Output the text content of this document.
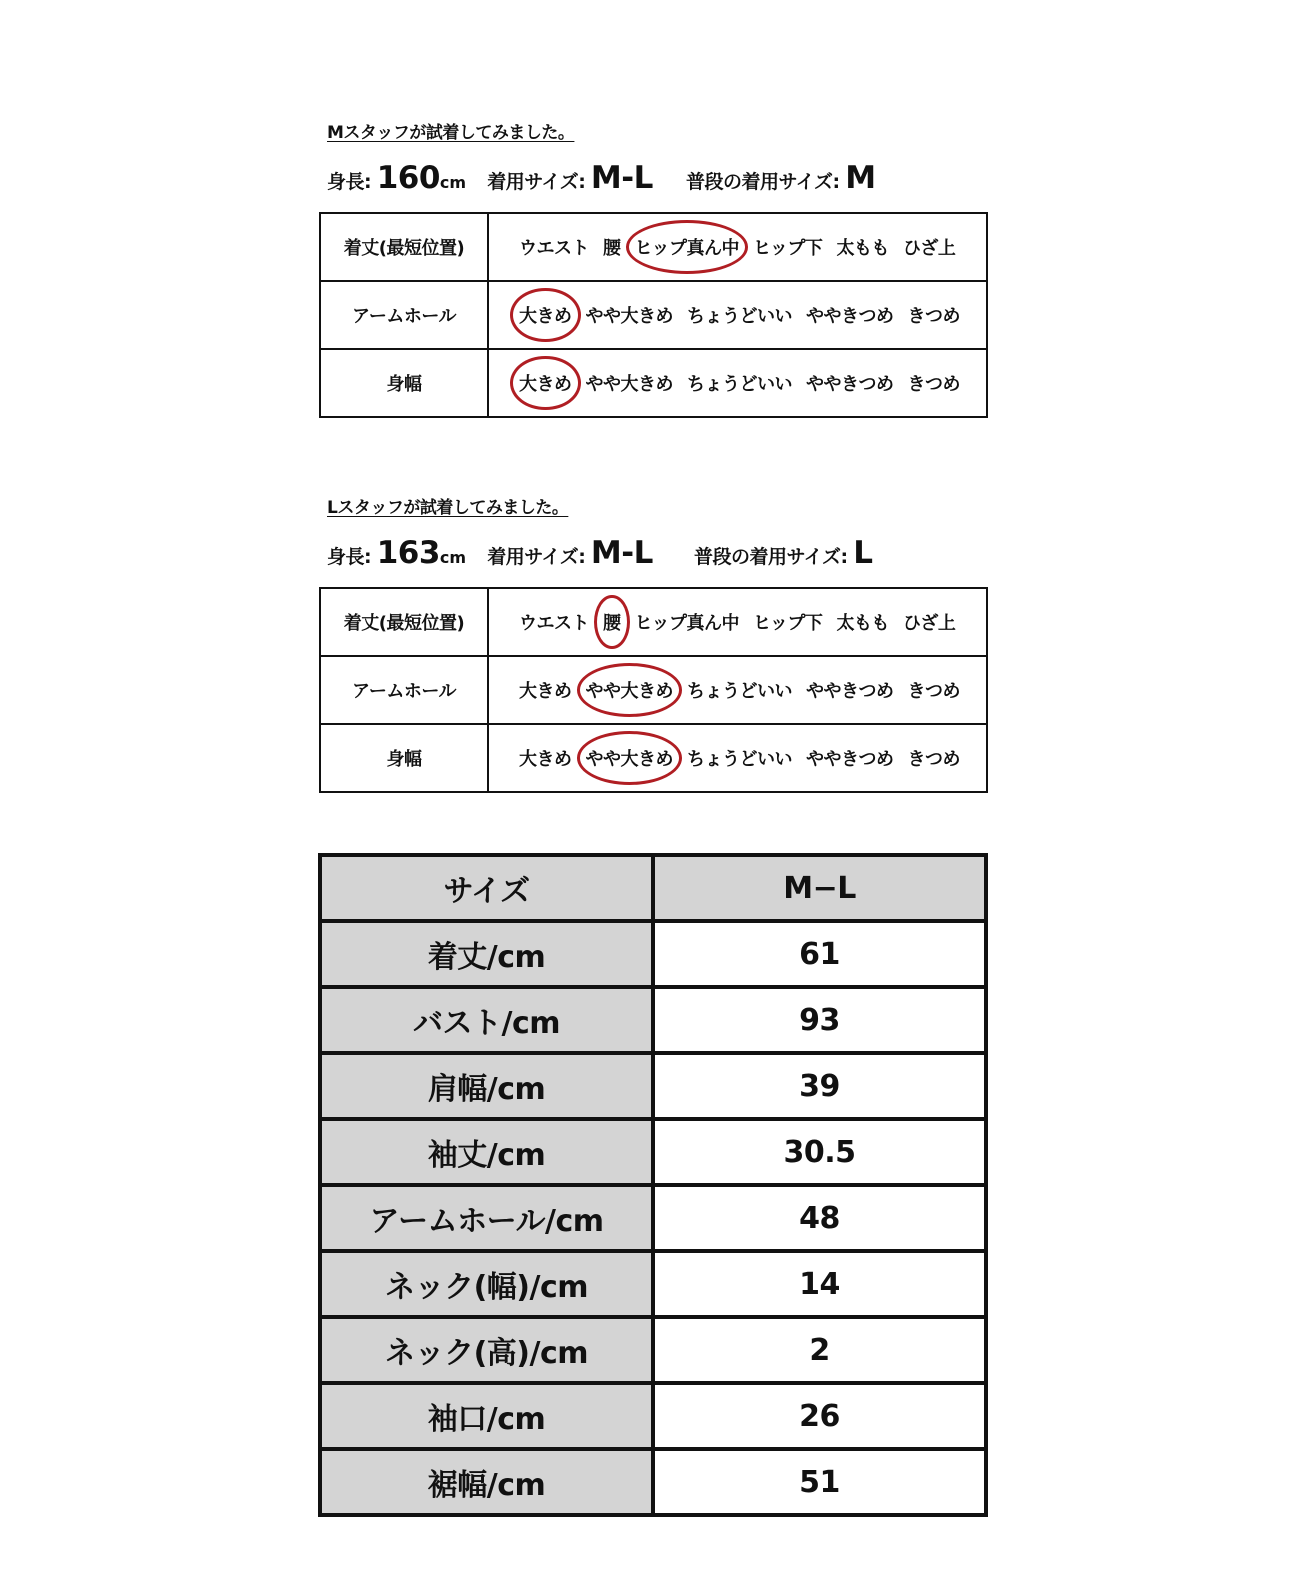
Mスタッフが試着してみました。
身長: 160cm 着用サイズ: M-L 普段の着用サイズ: M
着丈(最短位置)	ウエスト 腰 ヒップ真ん中 ヒップ下 太もも ひざ上
アームホール	大きめ やや大きめ ちょうどいい ややきつめ きつめ
身幅	大きめ やや大きめ ちょうどいい ややきつめ きつめ
Lスタッフが試着してみました。
身長: 163cm 着用サイズ: M-L 普段の着用サイズ: L
着丈(最短位置)	ウエスト 腰 ヒップ真ん中 ヒップ下 太もも ひざ上
アームホール	大きめ やや大きめ ちょうどいい ややきつめ きつめ
身幅	大きめ やや大きめ ちょうどいい ややきつめ きつめ
サイズ	M−L
着丈/cm	61
バスト/cm	93
肩幅/cm	39
袖丈/cm	30.5
アームホール/cm	48
ネック(幅)/cm	14
ネック(高)/cm	2
袖口/cm	26
裾幅/cm	51
